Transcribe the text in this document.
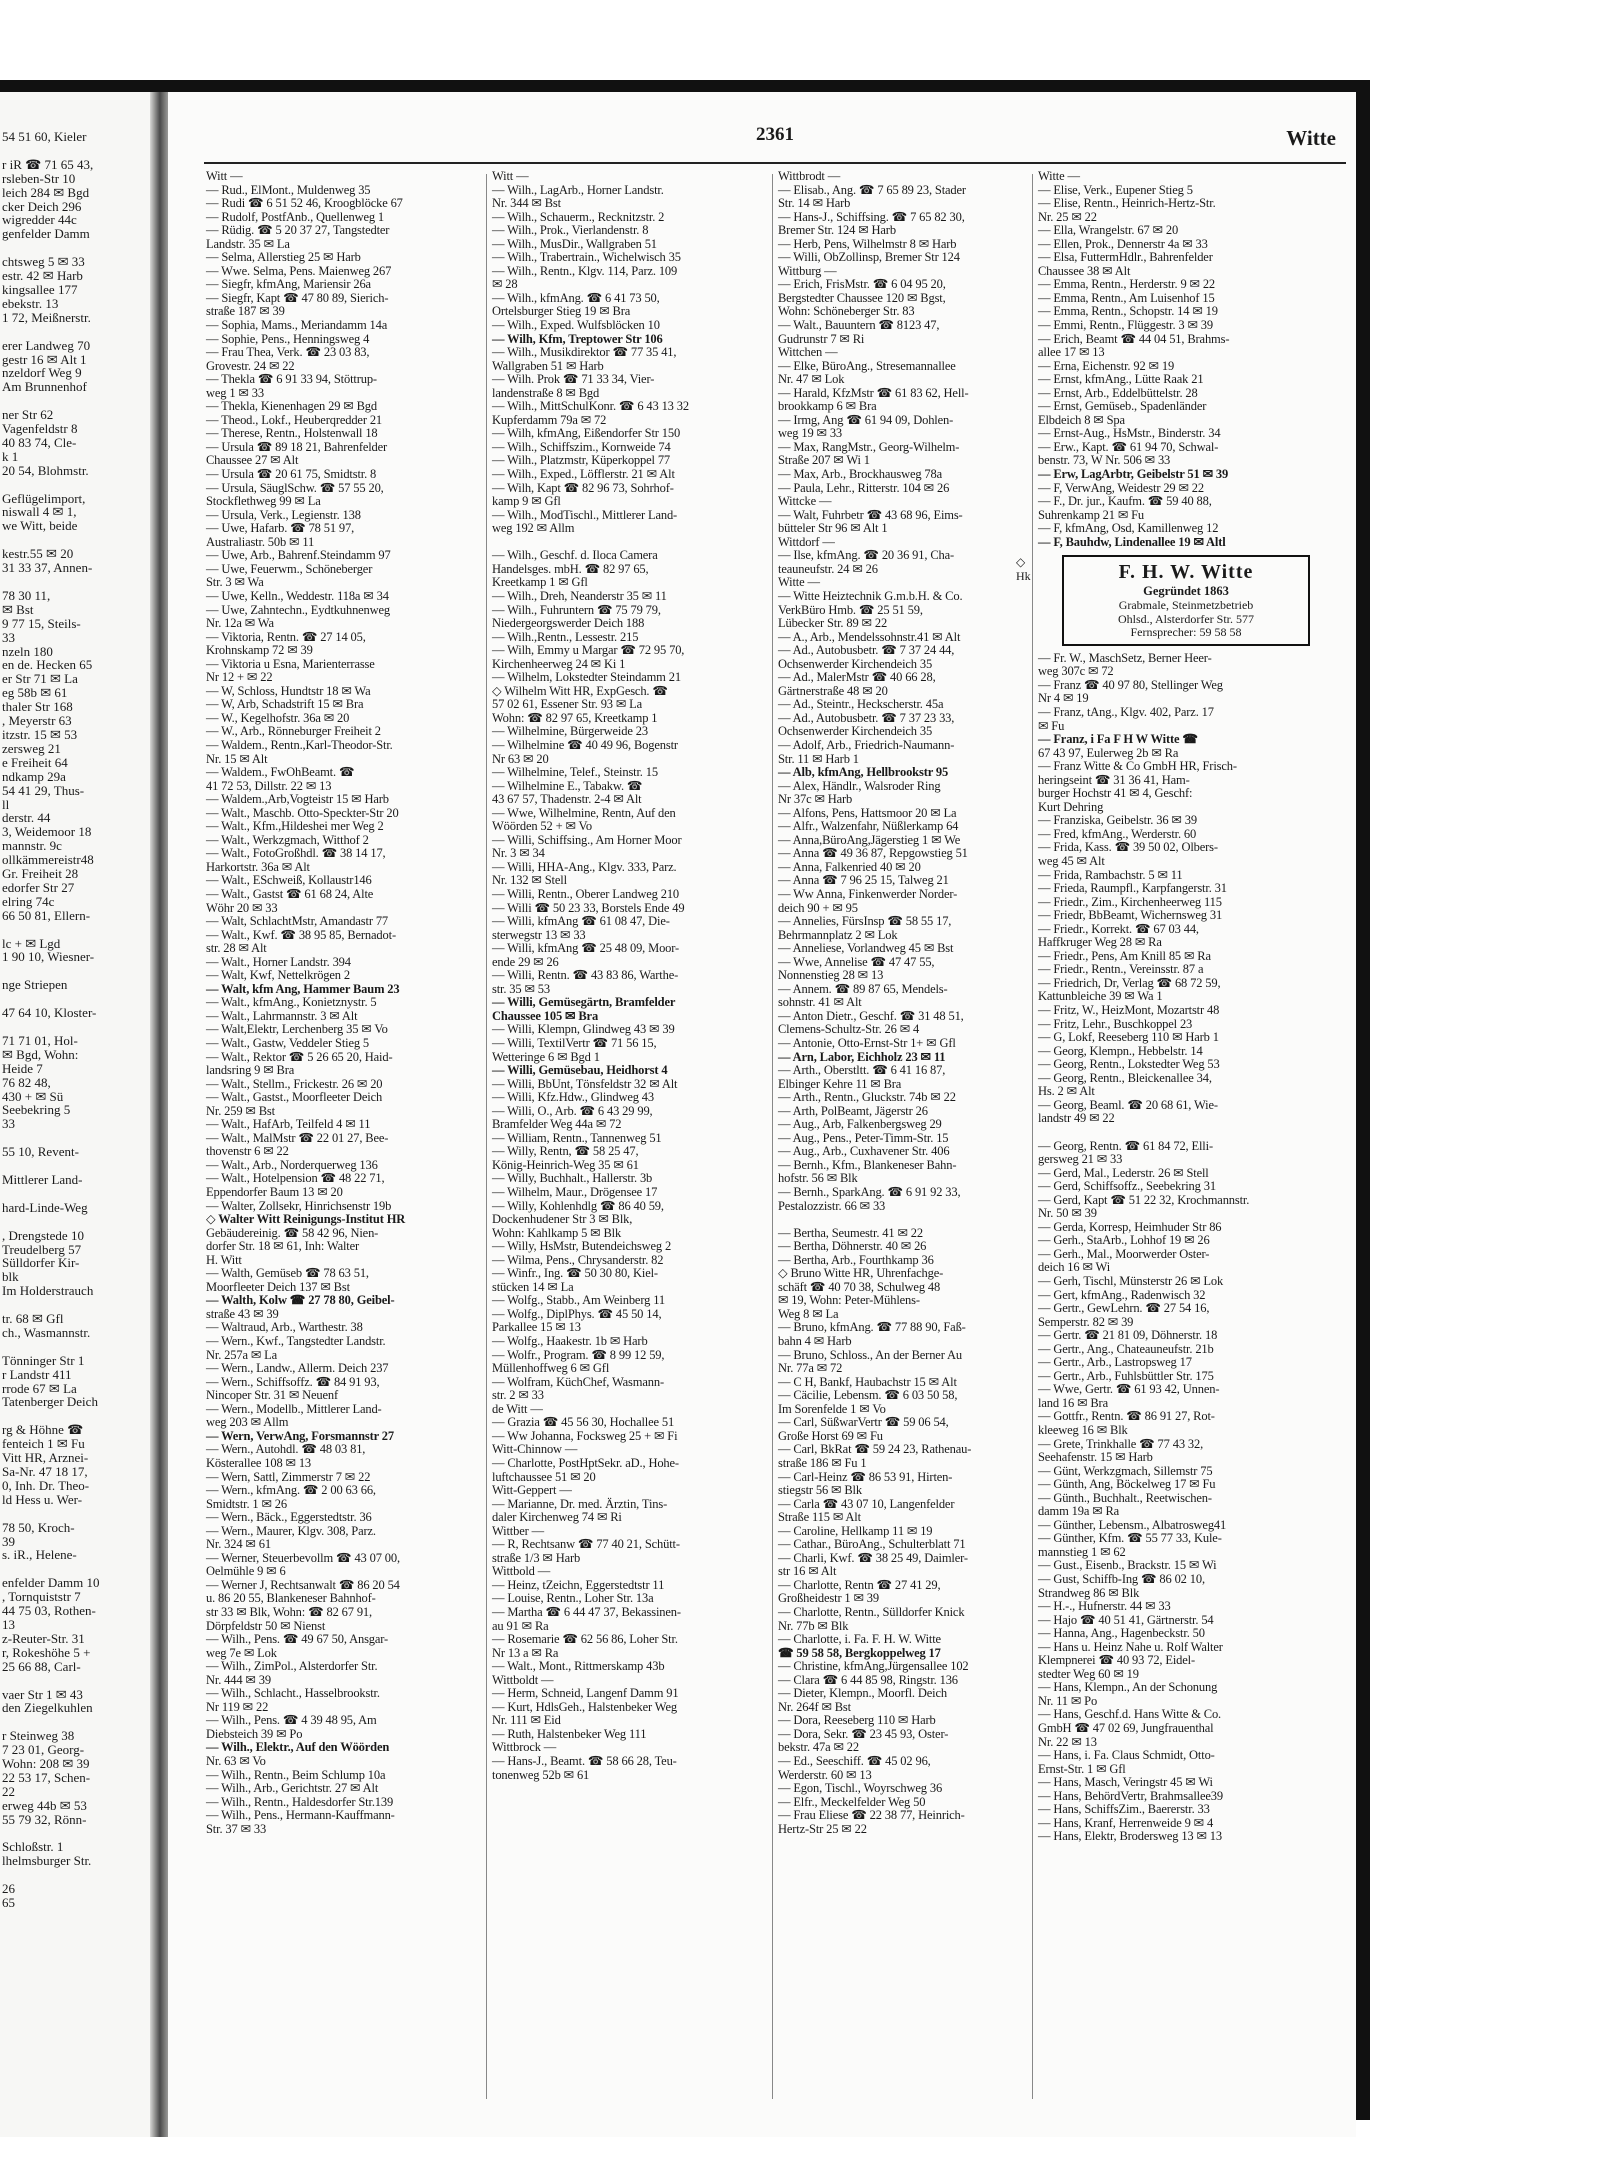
54 51 60, Kieler

r iR ☎ 71 65 43,
rsleben-Str 10
leich 284 ✉ Bgd
cker Deich 296
wigredder 44c
genfelder Damm

chtsweg 5 ✉ 33
estr. 42 ✉ Harb
kingsallee 177
ebekstr. 13
1 72, Meißnerstr.

erer Landweg 70
gestr 16 ✉ Alt 1
nzeldorf Weg 9
Am Brunnenhof

ner Str 62
Vagenfeldstr 8
40 83 74, Cle-
k 1
20 54, Blohmstr.

Geflügelimport,
niswall 4 ✉ 1,
we Witt, beide

kestr.55 ✉ 20
31 33 37, Annen-

78 30 11,
✉ Bst
9 77 15, Steils-
33
nzeln 180
en de. Hecken 65
er Str 71 ✉ La
eg 58b ✉ 61
thaler Str 168
, Meyerstr 63
itzstr. 15 ✉ 53
zersweg 21
e Freiheit 64
ndkamp 29a
54 41 29, Thus-
ll
derstr. 44
3, Weidemoor 18
mannstr. 9c
ollkämmereistr48
Gr. Freiheit 28
edorfer Str 27
elring 74c
66 50 81, Ellern-

lc + ✉ Lgd
1 90 10, Wiesner-

nge Striepen

47 64 10, Kloster-

71 71 01, Hol-
✉ Bgd, Wohn:
Heide 7
76 82 48,
430 + ✉ Sü
Seebekring 5
33

55 10, Revent-

Mittlerer Land-

hard-Linde-Weg

, Drengstede 10
Treudelberg 57
Sülldorfer Kir-
blk
Im Holderstrauch

tr. 68 ✉ Gfl
ch., Wasmannstr.

Tönninger Str 1
r Landstr 411
rrode 67 ✉ La
Tatenberger Deich

rg & Höhne ☎
fenteich 1 ✉ Fu
Vitt HR, Arznei-
Sa-Nr. 47 18 17,
0, Inh. Dr. Theo-
ld Hess u. Wer-

78 50, Kroch-
39
s. iR., Helene-

enfelder Damm 10
, Tornquiststr 7
44 75 03, Rothen-
13
z-Reuter-Str. 31
r, Rokeshöhe 5 +
25 66 88, Carl-

vaer Str 1 ✉ 43
den Ziegelkuhlen

r Steinweg 38
7 23 01, Georg-
Wohn: 208 ✉ 39
22 53 17, Schen-
22
erweg 44b ✉ 53
55 79 32, Rönn-

Schloßstr. 1
lhelmsburger Str.

26
65
2361	Witte
Witt —
— Rud., ElMont., Muldenweg 35
— Rudi ☎ 6 51 52 46, Kroogblöcke 67
— Rudolf, PostfAnb., Quellenweg 1
— Rüdig. ☎ 5 20 37 27, Tangstedter
Landstr. 35 ✉ La
— Selma, Allerstieg 25 ✉ Harb
— Wwe. Selma, Pens. Maienweg 267
— Siegfr, kfmAng, Mariensir 26a
— Siegfr, Kapt ☎ 47 80 89, Sierich-
straße 187 ✉ 39
— Sophia, Mams., Meriandamm 14a
— Sophie, Pens., Henningsweg 4
— Frau Thea, Verk. ☎ 23 03 83,
Grovestr. 24 ✉ 22
— Thekla ☎ 6 91 33 94, Stöttrup-
weg 1 ✉ 33
— Thekla, Kienenhagen 29 ✉ Bgd
— Theod., Lokf., Heuberqredder 21
— Therese, Rentn., Holstenwall 18
— Ursula ☎ 89 18 21, Bahrenfelder
Chaussee 27 ✉ Alt
— Ursula ☎ 20 61 75, Smidtstr. 8
— Ursula, SäuglSchw. ☎ 57 55 20,
Stockflethweg 99 ✉ La
— Ursula, Verk., Legienstr. 138
— Uwe, Hafarb. ☎ 78 51 97,
Australiastr. 50b ✉ 11
— Uwe, Arb., Bahrenf.Steindamm 97
— Uwe, Feuerwm., Schöneberger
Str. 3 ✉ Wa
— Uwe, Kelln., Weddestr. 118a ✉ 34
— Uwe, Zahntechn., Eydtkuhnenweg
Nr. 12a ✉ Wa
— Viktoria, Rentn. ☎ 27 14 05,
Krohnskamp 72 ✉ 39
— Viktoria u Esna, Marienterrasse
Nr 12 + ✉ 22
— W, Schloss, Hundtstr 18 ✉ Wa
— W, Arb, Schadstrift 15 ✉ Bra
— W., Kegelhofstr. 36a ✉ 20
— W., Arb., Rönneburger Freiheit 2
— Waldem., Rentn.,Karl-Theodor-Str.
Nr. 15 ✉ Alt
— Waldem., FwOhBeamt. ☎
41 72 53, Dillstr. 22 ✉ 13
— Waldem.,Arb,Vogteistr 15 ✉ Harb
— Walt., Maschb. Otto-Speckter-Str 20
— Walt., Kfm.,Hildeshei mer Weg 2
— Walt., Werkzgmach, Witthof 2
— Walt., FotoGroßhdl. ☎ 38 14 17,
Harkortstr. 36a ✉ Alt
— Walt., ESchweiß, Kollaustr146
— Walt., Gastst ☎ 61 68 24, Alte
Wöhr 20 ✉ 33
— Walt, SchlachtMstr, Amandastr 77
— Walt., Kwf. ☎ 38 95 85, Bernadot-
str. 28 ✉ Alt
— Walt., Horner Landstr. 394
— Walt, Kwf, Nettelkrögen 2
— Walt, kfm Ang, Hammer Baum 23
— Walt., kfmAng., Konietznystr. 5
— Walt., Lahrmannstr. 3 ✉ Alt
— Walt,Elektr, Lerchenberg 35 ✉ Vo
— Walt., Gastw, Veddeler Stieg 5
— Walt., Rektor ☎ 5 26 65 20, Haid-
landsring 9 ✉ Bra
— Walt., Stellm., Frickestr. 26 ✉ 20
— Walt., Gastst., Moorfleeter Deich
Nr. 259 ✉ Bst
— Walt., HafArb, Teilfeld 4 ✉ 11
— Walt., MalMstr ☎ 22 01 27, Bee-
thovenstr 6 ✉ 22
— Walt., Arb., Norderquerweg 136
— Walt., Hotelpension ☎ 48 22 71,
Eppendorfer Baum 13 ✉ 20
— Walter, Zollsekr, Hinrichsenstr 19b
◇ Walter Witt Reinigungs-Institut HR
Gebäudereinig. ☎ 58 42 96, Nien-
dorfer Str. 18 ✉ 61, Inh: Walter
H. Witt
— Walth, Gemüseb ☎ 78 63 51,
Moorfleeter Deich 137 ✉ Bst
— Walth, Kolw ☎ 27 78 80, Geibel-
straße 43 ✉ 39
— Waltraud, Arb., Warthestr. 38
— Wern., Kwf., Tangstedter Landstr.
Nr. 257a ✉ La
— Wern., Landw., Allerm. Deich 237
— Wern., Schiffsoffz. ☎ 84 91 93,
Nincoper Str. 31 ✉ Neuenf
— Wern., Modellb., Mittlerer Land-
weg 203 ✉ Allm
— Wern, VerwAng, Forsmannstr 27
— Wern., Autohdl. ☎ 48 03 81,
Kösterallee 108 ✉ 13
— Wern, Sattl, Zimmerstr 7 ✉ 22
— Wern., kfmAng. ☎ 2 00 63 66,
Smidtstr. 1 ✉ 26
— Wern., Bäck., Eggerstedtstr. 36
— Wern., Maurer, Klgv. 308, Parz.
Nr. 324 ✉ 61
— Werner, Steuerbevollm ☎ 43 07 00,
Oelmühle 9 ✉ 6
— Werner J, Rechtsanwalt ☎ 86 20 54
u. 86 20 55, Blankeneser Bahnhof-
str 33 ✉ Blk, Wohn: ☎ 82 67 91,
Dörpfeldstr 50 ✉ Nienst
— Wilh., Pens. ☎ 49 67 50, Ansgar-
weg 7e ✉ Lok
— Wilh., ZimPol., Alsterdorfer Str.
Nr. 444 ✉ 39
— Wilh., Schlacht., Hasselbrookstr.
Nr 119 ✉ 22
— Wilh., Pens. ☎ 4 39 48 95, Am
Diebsteich 39 ✉ Po
— Wilh., Elektr., Auf den Wöörden
Nr. 63 ✉ Vo
— Wilh., Rentn., Beim Schlump 10a
— Wilh., Arb., Gerichtstr. 27 ✉ Alt
— Wilh., Rentn., Haldesdorfer Str.139
— Wilh., Pens., Hermann-Kauffmann-
Str. 37 ✉ 33
Witt —
— Wilh., LagArb., Horner Landstr.
Nr. 344 ✉ Bst
— Wilh., Schauerm., Recknitzstr. 2
— Wilh., Prok., Vierlandenstr. 8
— Wilh., MusDir., Wallgraben 51
— Wilh., Trabertrain., Wichelwisch 35
— Wilh., Rentn., Klgv. 114, Parz. 109
✉ 28
— Wilh., kfmAng. ☎ 6 41 73 50,
Ortelsburger Stieg 19 ✉ Bra
— Wilh., Exped. Wulfsblöcken 10
— Wilh, Kfm, Treptower Str 106
— Wilh., Musikdirektor ☎ 77 35 41,
Wallgraben 51 ✉ Harb
— Wilh. Prok ☎ 71 33 34, Vier-
landenstraße 8 ✉ Bgd
— Wilh., MittSchulKonr. ☎ 6 43 13 32
Kupferdamm 79a ✉ 72
— Wilh, kfmAng, Eißendorfer Str 150
— Wilh., Schiffszim., Kornweide 74
— Wilh., Platzmstr, Küperkoppel 77
— Wilh., Exped., Löfflerstr. 21 ✉ Alt
— Wilh, Kapt ☎ 82 96 73, Sohrhof-
kamp 9 ✉ Gfl
— Wilh., ModTischl., Mittlerer Land-
weg 192 ✉ Allm

— Wilh., Geschf. d. Iloca Camera
Handelsges. mbH. ☎ 82 97 65,
Kreetkamp 1 ✉ Gfl
— Wilh., Dreh, Neanderstr 35 ✉ 11
— Wilh., Fuhruntern ☎ 75 79 79,
Niedergeorgswerder Deich 188
— Wilh.,Rentn., Lessestr. 215
— Wilh, Emmy u Margar ☎ 72 95 70,
Kirchenheerweg 24 ✉ Ki 1
— Wilhelm, Lokstedter Steindamm 21
◇ Wilhelm Witt HR, ExpGesch. ☎
57 02 61, Essener Str. 93 ✉ La
Wohn: ☎ 82 97 65, Kreetkamp 1
— Wilhelmine, Bürgerweide 23
— Wilhelmine ☎ 40 49 96, Bogenstr
Nr 63 ✉ 20
— Wilhelmine, Telef., Steinstr. 15
— Wilhelmine E., Tabakw. ☎
43 67 57, Thadenstr. 2-4 ✉ Alt
— Wwe, Wilhelmine, Rentn, Auf den
Wöörden 52 + ✉ Vo
— Willi, Schiffsing., Am Horner Moor
Nr. 3 ✉ 34
— Willi, HHA-Ang., Klgv. 333, Parz.
Nr. 132 ✉ Stell
— Willi, Rentn., Oberer Landweg 210
— Willi ☎ 50 23 33, Borstels Ende 49
— Willi, kfmAng ☎ 61 08 47, Die-
sterwegstr 13 ✉ 33
— Willi, kfmAng ☎ 25 48 09, Moor-
ende 29 ✉ 26
— Willi, Rentn. ☎ 43 83 86, Warthe-
str. 35 ✉ 53
— Willi, Gemüsegärtn, Bramfelder
Chaussee 105 ✉ Bra
— Willi, Klempn, Glindweg 43 ✉ 39
— Willi, TextilVertr ☎ 71 56 15,
Wetteringe 6 ✉ Bgd 1
— Willi, Gemüsebau, Heidhorst 4
— Willi, BbUnt, Tönsfeldstr 32 ✉ Alt
— Willi, Kfz.Hdw., Glindweg 43
— Willi, O., Arb. ☎ 6 43 29 99,
Bramfelder Weg 44a ✉ 72
— William, Rentn., Tannenweg 51
— Willy, Rentn, ☎ 58 25 47,
König-Heinrich-Weg 35 ✉ 61
— Willy, Buchhalt., Hallerstr. 3b
— Wilhelm, Maur., Drögensee 17
— Willy, Kohlenhdlg ☎ 86 40 59,
Dockenhudener Str 3 ✉ Blk,
Wohn: Kahlkamp 5 ✉ Blk
— Willy, HsMstr, Butendeichsweg 2
— Wilma, Pens., Chrysanderstr. 82
— Winfr., Ing. ☎ 50 30 80, Kiel-
stücken 14 ✉ La
— Wolfg., Stabb., Am Weinberg 11
— Wolfg., DiplPhys. ☎ 45 50 14,
Parkallee 15 ✉ 13
— Wolfg., Haakestr. 1b ✉ Harb
— Wolfr., Program. ☎ 8 99 12 59,
Müllenhoffweg 6 ✉ Gfl
— Wolfram, KüchChef, Wasmann-
str. 2 ✉ 33
de Witt —
— Grazia ☎ 45 56 30, Hochallee 51
— Ww Johanna, Focksweg 25 + ✉ Fi
Witt-Chinnow —
— Charlotte, PostHptSekr. aD., Hohe-
luftchaussee 51 ✉ 20
Witt-Geppert —
— Marianne, Dr. med. Ärztin, Tins-
daler Kirchenweg 74 ✉ Ri
Wittber —
— R, Rechtsanw ☎ 77 40 21, Schütt-
straße 1/3 ✉ Harb
Wittbold —
— Heinz, tZeichn, Eggerstedtstr 11
— Louise, Rentn., Loher Str. 13a
— Martha ☎ 6 44 47 37, Bekassinen-
au 91 ✉ Ra
— Rosemarie ☎ 62 56 86, Loher Str.
Nr 13 a ✉ Ra
— Walt., Mont., Rittmerskamp 43b
Wittboldt —
— Herm, Schneid, Langenf Damm 91
— Kurt, HdlsGeh., Halstenbeker Weg
Nr. 111 ✉ Eid
— Ruth, Halstenbeker Weg 111
Wittbrock —
— Hans-J., Beamt. ☎ 58 66 28, Teu-
tonenweg 52b ✉ 61
Wittbrodt —
— Elisab., Ang. ☎ 7 65 89 23, Stader
Str. 14 ✉ Harb
— Hans-J., Schiffsing. ☎ 7 65 82 30,
Bremer Str. 124 ✉ Harb
— Herb, Pens, Wilhelmstr 8 ✉ Harb
— Willi, ObZollinsp, Bremer Str 124
Wittburg —
— Erich, FrisMstr. ☎ 6 04 95 20,
Bergstedter Chaussee 120 ✉ Bgst,
Wohn: Schöneberger Str. 83
— Walt., Bauuntern ☎ 8123 47,
Gudrunstr 7 ✉ Ri
Wittchen —
— Elke, BüroAng., Stresemannallee
Nr. 47 ✉ Lok
— Harald, KfzMstr ☎ 61 83 62, Hell-
brookkamp 6 ✉ Bra
— Irmg, Ang ☎ 61 94 09, Dohlen-
weg 19 ✉ 33
— Max, RangMstr., Georg-Wilhelm-
Straße 207 ✉ Wi 1
— Max, Arb., Brockhausweg 78a
— Paula, Lehr., Ritterstr. 104 ✉ 26
Wittcke —
— Walt, Fuhrbetr ☎ 43 68 96, Eims-
bütteler Str 96 ✉ Alt 1
Wittdorf —
— Ilse, kfmAng. ☎ 20 36 91, Cha-
teauneufstr. 24 ✉ 26
Witte —
— Witte Heiztechnik G.m.b.H. & Co.
VerkBüro Hmb. ☎ 25 51 59,
Lübecker Str. 89 ✉ 22
— A., Arb., Mendelssohnstr.41 ✉ Alt
— Ad., Autobusbetr. ☎ 7 37 24 44,
Ochsenwerder Kirchendeich 35
— Ad., MalerMstr ☎ 40 66 28,
Gärtnerstraße 48 ✉ 20
— Ad., Steintr., Heckscherstr. 45a
— Ad., Autobusbetr. ☎ 7 37 23 33,
Ochsenwerder Kirchendeich 35
— Adolf, Arb., Friedrich-Naumann-
Str. 11 ✉ Harb 1
— Alb, kfmAng, Hellbrookstr 95
— Alex, Händlr., Walsroder Ring
Nr 37c ✉ Harb
— Alfons, Pens, Hattsmoor 20 ✉ La
— Alfr., Walzenfahr, Nüßlerkamp 64
— Anna,BüroAng,Jägerstieg 1 ✉ We
— Anna ☎ 49 36 87, Repgowstieg 51
— Anna, Falkenried 40 ✉ 20
— Anna ☎ 7 96 25 15, Talweg 21
— Ww Anna, Finkenwerder Norder-
deich 90 + ✉ 95
— Annelies, FürsInsp ☎ 58 55 17,
Behrmannplatz 2 ✉ Lok
— Anneliese, Vorlandweg 45 ✉ Bst
— Wwe, Annelise ☎ 47 47 55,
Nonnenstieg 28 ✉ 13
— Annem. ☎ 89 87 65, Mendels-
sohnstr. 41 ✉ Alt
— Anton Dietr., Geschf. ☎ 31 48 51,
Clemens-Schultz-Str. 26 ✉ 4
— Antonie, Otto-Ernst-Str 1+ ✉ Gfl
— Arn, Labor, Eichholz 23 ✉ 11
— Arth., Oberstltt. ☎ 6 41 16 87,
Elbinger Kehre 11 ✉ Bra
— Arth., Rentn., Gluckstr. 74b ✉ 22
— Arth, PolBeamt, Jägerstr 26
— Aug., Arb, Falkenbergsweg 29
— Aug., Pens., Peter-Timm-Str. 15
— Aug., Arb., Cuxhavener Str. 406
— Bernh., Kfm., Blankeneser Bahn-
hofstr. 56 ✉ Blk
— Bernh., SparkAng. ☎ 6 91 92 33,
Pestalozzistr. 66 ✉ 33

— Bertha, Seumestr. 41 ✉ 22
— Bertha, Döhnerstr. 40 ✉ 26
— Bertha, Arb., Fourthkamp 36
◇ Bruno Witte HR, Uhrenfachge-
schäft ☎ 40 70 38, Schulweg 48
✉ 19, Wohn: Peter-Mühlens-
Weg 8 ✉ La
— Bruno, kfmAng. ☎ 77 88 90, Faß-
bahn 4 ✉ Harb
— Bruno, Schloss., An der Berner Au
Nr. 77a ✉ 72
— C H, Bankf, Haubachstr 15 ✉ Alt
— Cäcilie, Lebensm. ☎ 6 03 50 58,
Im Sorenfelde 1 ✉ Vo
— Carl, SüßwarVertr ☎ 59 06 54,
Große Horst 69 ✉ Fu
— Carl, BkRat ☎ 59 24 23, Rathenau-
straße 186 ✉ Fu 1
— Carl-Heinz ☎ 86 53 91, Hirten-
stiegstr 56 ✉ Blk
— Carla ☎ 43 07 10, Langenfelder
Straße 115 ✉ Alt
— Caroline, Hellkamp 11 ✉ 19
— Cathar., BüroAng., Schulterblatt 71
— Charli, Kwf. ☎ 38 25 49, Daimler-
str 16 ✉ Alt
— Charlotte, Rentn ☎ 27 41 29,
Großheidestr 1 ✉ 39
— Charlotte, Rentn., Sülldorfer Knick
Nr. 77b ✉ Blk
— Charlotte, i. Fa. F. H. W. Witte
☎ 59 58 58, Bergkoppelweg 17
— Christine, kfmAng,Jürgensallee 102
— Clara ☎ 6 44 85 98, Ringstr. 136
— Dieter, Klempn., Moorfl. Deich
Nr. 264f ✉ Bst
— Dora, Reeseberg 110 ✉ Harb
— Dora, Sekr. ☎ 23 45 93, Oster-
bekstr. 47a ✉ 22
— Ed., Seeschiff. ☎ 45 02 96,
Werderstr. 60 ✉ 13
— Egon, Tischl., Woyrschweg 36
— Elfr., Meckelfelder Weg 50
— Frau Eliese ☎ 22 38 77, Heinrich-
Hertz-Str 25 ✉ 22
Witte —
— Elise, Verk., Eupener Stieg 5
— Elise, Rentn., Heinrich-Hertz-Str.
Nr. 25 ✉ 22
— Ella, Wrangelstr. 67 ✉ 20
— Ellen, Prok., Dennerstr 4a ✉ 33
— Elsa, FuttermHdlr., Bahrenfelder
Chaussee 38 ✉ Alt
— Emma, Rentn., Herderstr. 9 ✉ 22
— Emma, Rentn., Am Luisenhof 15
— Emma, Rentn., Schopstr. 14 ✉ 19
— Emmi, Rentn., Flüggestr. 3 ✉ 39
— Erich, Beamt ☎ 44 04 51, Brahms-
allee 17 ✉ 13
— Erna, Eichenstr. 92 ✉ 19
— Ernst, kfmAng., Lütte Raak 21
— Ernst, Arb., Eddelbüttelstr. 28
— Ernst, Gemüseb., Spadenländer
Elbdeich 8 ✉ Spa
— Ernst-Aug., HsMstr., Binderstr. 34
— Erw., Kapt. ☎ 61 94 70, Schwal-
benstr. 73, W Nr. 506 ✉ 33
— Erw, LagArbtr, Geibelstr 51 ✉ 39
— F, VerwAng, Weidestr 29 ✉ 22
— F., Dr. jur., Kaufm. ☎ 59 40 88,
Suhrenkamp 21 ✉ Fu
— F, kfmAng, Osd, Kamillenweg 12
— F, Bauhdw, Lindenallee 19 ✉ Altl
F. H. W. Witte
Gegründet 1863
Grabmale, Steinmetzbetrieb
Ohlsd., Alsterdorfer Str. 577
Fernsprecher: 59 58 58
◇
Hk
— Fr. W., MaschSetz, Berner Heer-
weg 307c ✉ 72
— Franz ☎ 40 97 80, Stellinger Weg
Nr 4 ✉ 19
— Franz, tAng., Klgv. 402, Parz. 17
✉ Fu
— Franz, i Fa F H W Witte ☎
67 43 97, Eulerweg 2b ✉ Ra
— Franz Witte & Co GmbH HR, Frisch-
heringseint ☎ 31 36 41, Ham-
burger Hochstr 41 ✉ 4, Geschf:
Kurt Dehring
— Franziska, Geibelstr. 36 ✉ 39
— Fred, kfmAng., Werderstr. 60
— Frida, Kass. ☎ 39 50 02, Olbers-
weg 45 ✉ Alt
— Frida, Rambachstr. 5 ✉ 11
— Frieda, Raumpfl., Karpfangerstr. 31
— Friedr., Zim., Kirchenheerweg 115
— Friedr, BbBeamt, Wichernsweg 31
— Friedr., Korrekt. ☎ 67 03 44,
Haffkruger Weg 28 ✉ Ra
— Friedr., Pens, Am Knill 85 ✉ Ra
— Friedr., Rentn., Vereinsstr. 87 a
— Friedrich, Dr, Verlag ☎ 68 72 59,
Kattunbleiche 39 ✉ Wa 1
— Fritz, W., HeizMont, Mozartstr 48
— Fritz, Lehr., Buschkoppel 23
— G, Lokf, Reeseberg 110 ✉ Harb 1
— Georg, Klempn., Hebbelstr. 14
— Georg, Rentn., Lokstedter Weg 53
— Georg, Rentn., Bleickenallee 34,
Hs. 2 ✉ Alt
— Georg, Beaml. ☎ 20 68 61, Wie-
landstr 49 ✉ 22

— Georg, Rentn. ☎ 61 84 72, Elli-
gersweg 21 ✉ 33
— Gerd, Mal., Lederstr. 26 ✉ Stell
— Gerd, Schiffsoffz., Seebekring 31
— Gerd, Kapt ☎ 51 22 32, Krochmannstr.
Nr. 50 ✉ 39
— Gerda, Korresp, Heimhuder Str 86
— Gerh., StaArb., Lohhof 19 ✉ 26
— Gerh., Mal., Moorwerder Oster-
deich 16 ✉ Wi
— Gerh, Tischl, Münsterstr 26 ✉ Lok
— Gert, kfmAng., Radenwisch 32
— Gertr., GewLehrn. ☎ 27 54 16,
Semperstr. 82 ✉ 39
— Gertr. ☎ 21 81 09, Döhnerstr. 18
— Gertr., Ang., Chateauneufstr. 21b
— Gertr., Arb., Lastropsweg 17
— Gertr., Arb., Fuhlsbüttler Str. 175
— Wwe, Gertr. ☎ 61 93 42, Unnen-
land 16 ✉ Bra
— Gottfr., Rentn. ☎ 86 91 27, Rot-
kleeweg 16 ✉ Blk
— Grete, Trinkhalle ☎ 77 43 32,
Seehafenstr. 15 ✉ Harb
— Günt, Werkzgmach, Sillemstr 75
— Günth, Ang, Böckelweg 17 ✉ Fu
— Günth., Buchhalt., Reetwischen-
damm 19a ✉ Ra
— Günther, Lebensm., Albatrosweg41
— Günther, Kfm. ☎ 55 77 33, Kule-
mannstieg 1 ✉ 62
— Gust., Eisenb., Brackstr. 15 ✉ Wi
— Gust, Schiffb-Ing ☎ 86 02 10,
Strandweg 86 ✉ Blk
— H.-., Hufnerstr. 44 ✉ 33
— Hajo ☎ 40 51 41, Gärtnerstr. 54
— Hanna, Ang., Hagenbeckstr. 50
— Hans u. Heinz Nahe u. Rolf Walter
Klempnerei ☎ 40 93 72, Eidel-
stedter Weg 60 ✉ 19
— Hans, Klempn., An der Schonung
Nr. 11 ✉ Po
— Hans, Geschf.d. Hans Witte & Co.
GmbH ☎ 47 02 69, Jungfrauenthal
Nr. 22 ✉ 13
— Hans, i. Fa. Claus Schmidt, Otto-
Ernst-Str. 1 ✉ Gfl
— Hans, Masch, Veringstr 45 ✉ Wi
— Hans, BehördVertr, Brahmsallee39
— Hans, SchiffsZim., Baererstr. 33
— Hans, Kranf, Herrenweide 9 ✉ 4
— Hans, Elektr, Brodersweg 13 ✉ 13
